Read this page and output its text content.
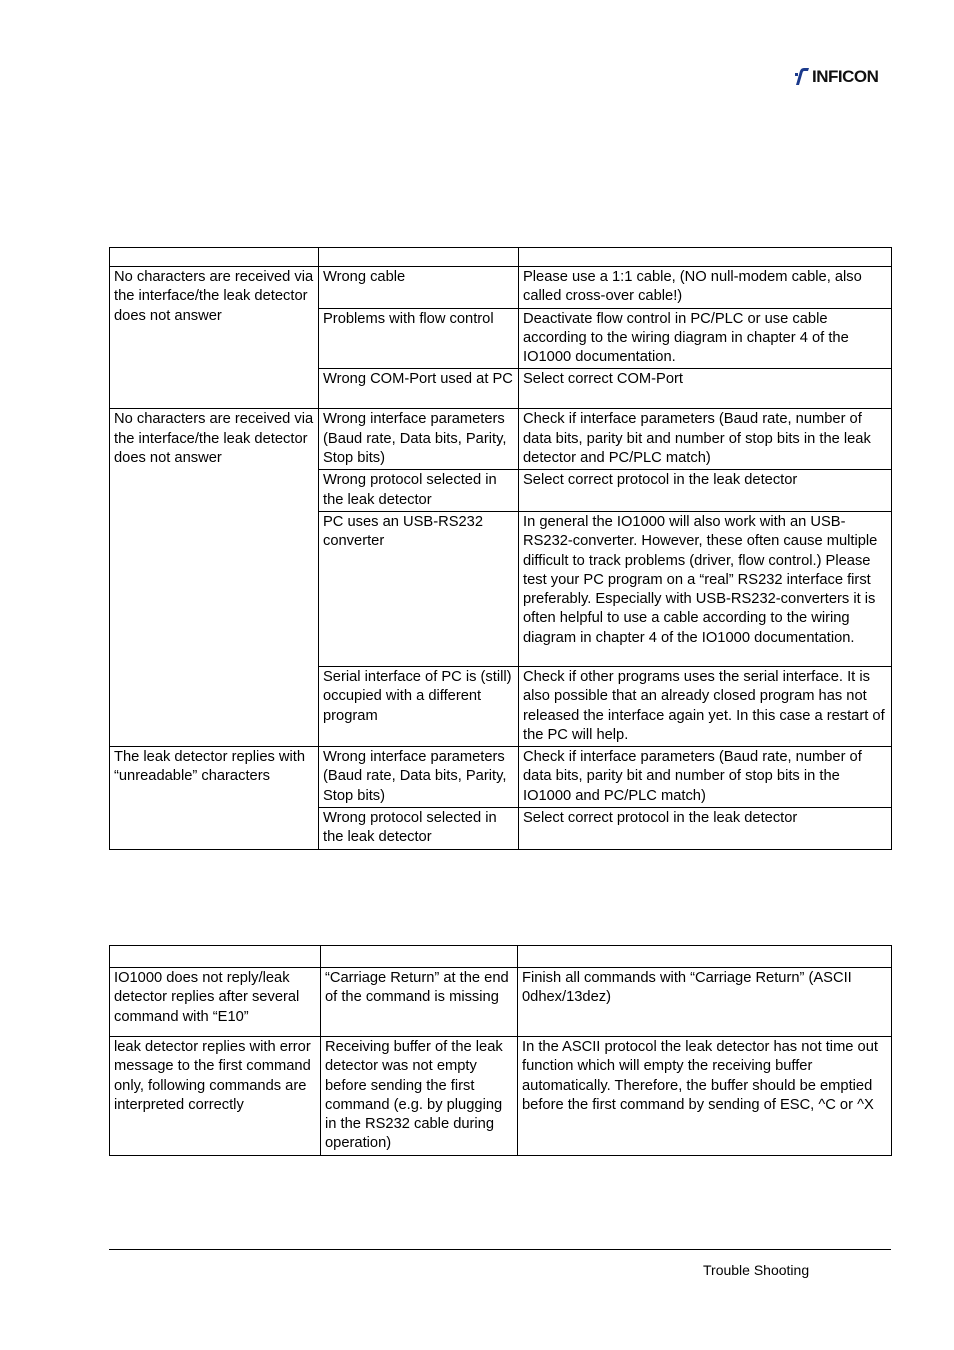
INFICON

No characters are received via the interface/the leak detector does not answer	Wrong cable	Please use a 1:1 cable, (NO null-modem cable, also called cross-over cable!)
	Problems with flow control	Deactivate flow control in PC/PLC or use cable according to the wiring diagram in chapter 4 of the IO1000 documentation.
	Wrong COM-Port used at PC	Select correct COM-Port
No characters are received via the interface/the leak detector does not answer	Wrong interface parameters (Baud rate, Data bits, Parity, Stop bits)	Check if interface parameters (Baud rate, number of data bits, parity bit and number of stop bits in the leak detector and PC/PLC match)
	Wrong protocol selected in the leak detector	Select correct protocol in the leak detector
	PC uses an USB-RS232 converter	In general the IO1000 will also work with an USB-RS232-converter. However, these often cause multiple difficult to track problems (driver, flow control.) Please test your PC program on a “real” RS232 interface first preferably. Especially with USB-RS232-converters it is often helpful to use a cable according to the wiring diagram in chapter 4 of the IO1000 documentation.
	Serial interface of PC is (still) occupied with a different program	Check if other programs uses the serial interface. It is also possible that an already closed program has not released the interface again yet. In this case a restart of the PC will help.
The leak detector replies with “unreadable” characters	Wrong interface parameters (Baud rate, Data bits, Parity, Stop bits)	Check if interface parameters (Baud rate, number of data bits, parity bit and number of stop bits in the IO1000 and PC/PLC match)
	Wrong protocol selected in the leak detector	Select correct protocol in the leak detector

IO1000 does not reply/leak detector replies after several command with “E10”	“Carriage Return” at the end of the command is missing	Finish all commands with “Carriage Return” (ASCII 0dhex/13dez)
leak detector replies with error message to the first command only, following commands are interpreted correctly	Receiving buffer of the leak detector was not empty before sending the first command (e.g. by plugging in the RS232 cable during operation)	In the ASCII protocol the leak detector has not time out function which will empty the receiving buffer automatically. Therefore, the buffer should be emptied before the first command by sending of ESC, ^C or ^X
Trouble Shooting
